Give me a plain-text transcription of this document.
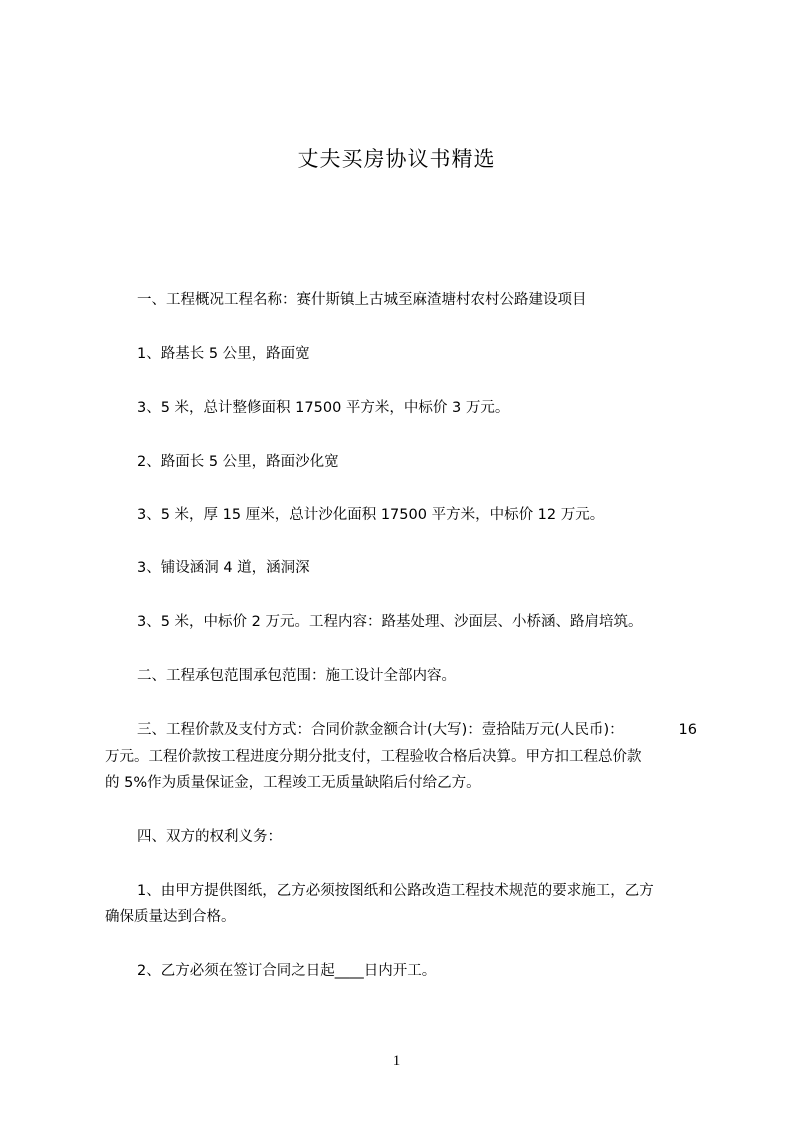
丈夫买房协议书精选

一、工程概况工程名称：赛什斯镇上古城至麻渣塘村农村公路建设项目

1、路基长 5 公里，路面宽

3、5 米，总计整修面积 17500 平方米，中标价 3 万元。

2、路面长 5 公里，路面沙化宽

3、5 米，厚 15 厘米，总计沙化面积 17500 平方米，中标价 12 万元。

3、铺设涵洞 4 道，涵洞深

3、5 米，中标价 2 万元。工程内容：路基处理、沙面层、小桥涵、路肩培筑。

二、工程承包范围承包范围：施工设计全部内容。

三、工程价款及支付方式：合同价款金额合计(大写)：壹拾陆万元(人民币)：	16

万元。工程价款按工程进度分期分批支付，工程验收合格后决算。甲方扣工程总价款

的 5%作为质量保证金，工程竣工无质量缺陷后付给乙方。

四、双方的权利义务：

1、由甲方提供图纸，乙方必须按图纸和公路改造工程技术规范的要求施工，乙方

确保质量达到合格。

2、乙方必须在签订合同之日起____日内开工。

1
